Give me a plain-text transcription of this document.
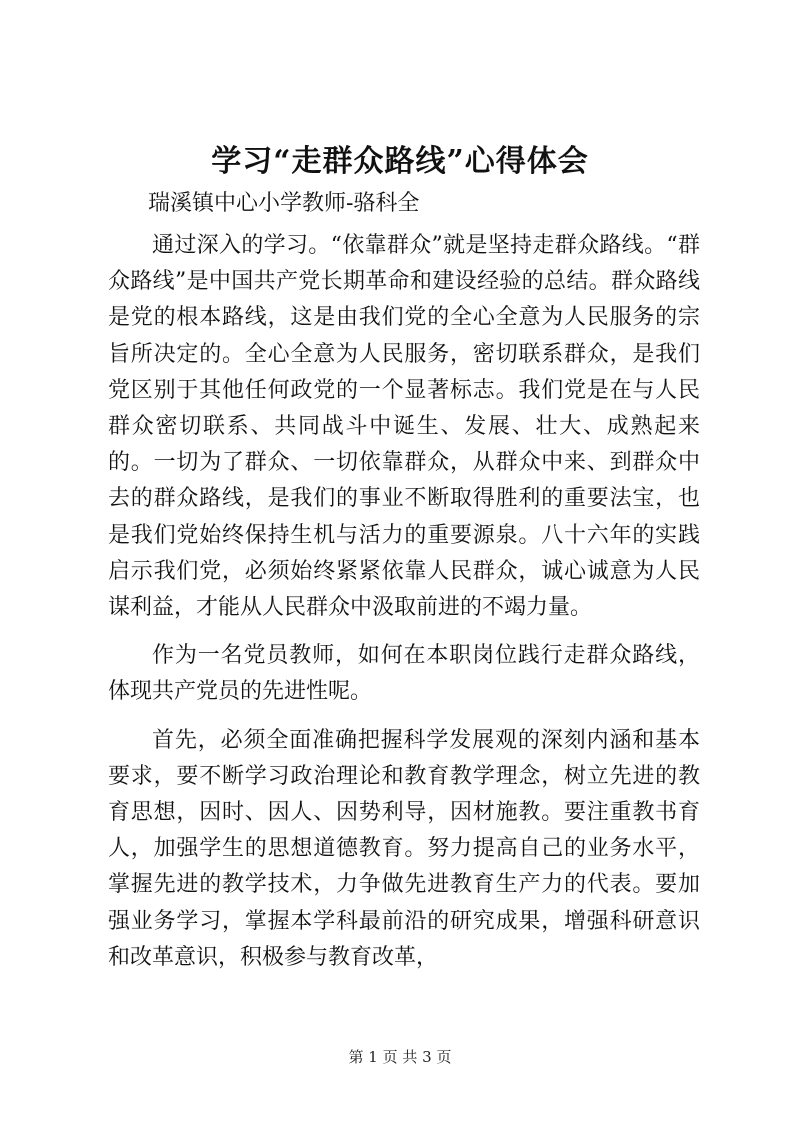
学习“走群众路线”心得体会

瑞溪镇中心小学教师-骆科全

通过深入的学习。“依靠群众”就是坚持走群众路线。“群众路线”是中国共产党长期革命和建设经验的总结。群众路线是党的根本路线，这是由我们党的全心全意为人民服务的宗旨所决定的。全心全意为人民服务，密切联系群众，是我们党区别于其他任何政党的一个显著标志。我们党是在与人民群众密切联系、共同战斗中诞生、发展、壮大、成熟起来的。一切为了群众、一切依靠群众，从群众中来、到群众中去的群众路线，是我们的事业不断取得胜利的重要法宝，也是我们党始终保持生机与活力的重要源泉。八十六年的实践启示我们党，必须始终紧紧依靠人民群众，诚心诚意为人民谋利益，才能从人民群众中汲取前进的不竭力量。

作为一名党员教师，如何在本职岗位践行走群众路线，体现共产党员的先进性呢。

首先，必须全面准确把握科学发展观的深刻内涵和基本要求，要不断学习政治理论和教育教学理念，树立先进的教育思想，因时、因人、因势利导，因材施教。要注重教书育人，加强学生的思想道德教育。努力提高自己的业务水平，掌握先进的教学技术，力争做先进教育生产力的代表。要加强业务学习，掌握本学科最前沿的研究成果，增强科研意识和改革意识，积极参与教育改革，

第 1 页 共 3 页
